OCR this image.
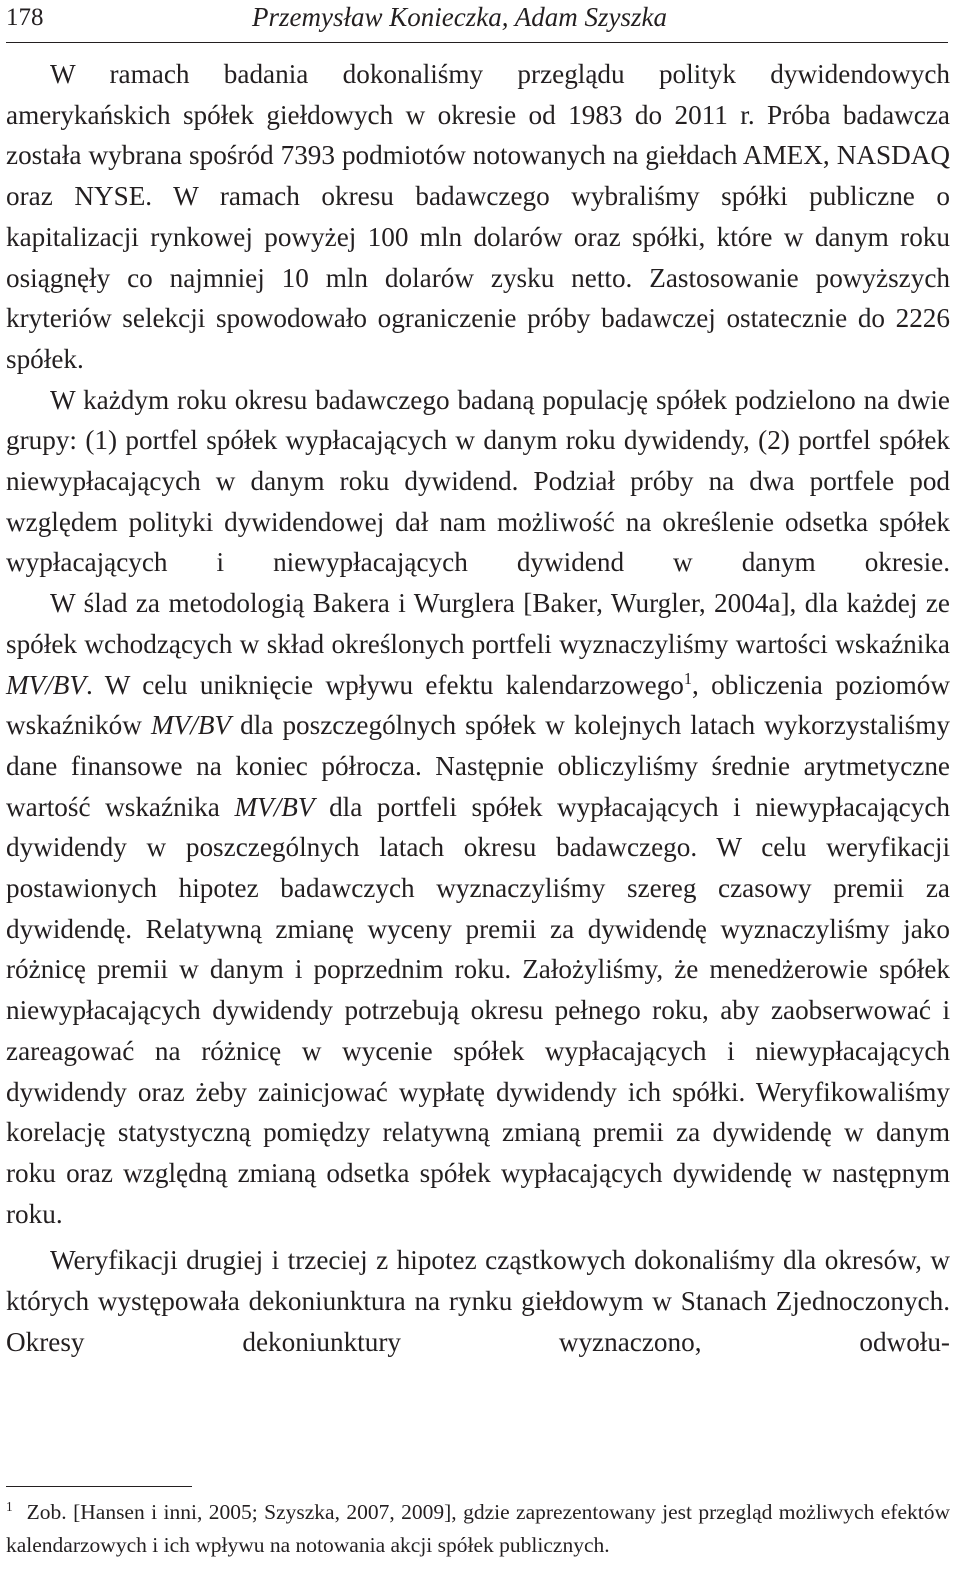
178	Przemysław Konieczka, Adam Szyszka

W ramach badania dokonaliśmy przeglądu polityk dywidendowych amerykańskich spółek giełdowych w okresie od 1983 do 2011 r. Próba badawcza została wybrana spośród 7393 podmiotów notowanych na giełdach AMEX, NASDAQ oraz NYSE. W ramach okresu badawczego wybraliśmy spółki publiczne o kapitalizacji rynkowej powyżej 100 mln dolarów oraz spółki, które w danym roku osiągnęły co najmniej 10 mln dolarów zysku netto. Zastosowanie powyższych kryteriów selekcji spowodowało ograniczenie próby badawczej ostatecznie do 2226 spółek.

W każdym roku okresu badawczego badaną populację spółek podzielono na dwie grupy: (1) portfel spółek wypłacających w danym roku dywidendy, (2) portfel spółek niewypłacających w danym roku dywidend. Podział próby na dwa portfele pod względem polityki dywidendowej dał nam możliwość na określenie odsetka spółek wypłacających i niewypłacających dywidend w danym okresie.

W ślad za metodologią Bakera i Wurglera [Baker, Wurgler, 2004a], dla każdej ze spółek wchodzących w skład określonych portfeli wyznaczyliśmy wartości wskaźnika MV/BV. W celu uniknięcie wpływu efektu kalendarzowego$^1$, obliczenia poziomów wskaźników MV/BV dla poszczególnych spółek w kolejnych latach wykorzystaliśmy dane finansowe na koniec półrocza. Następnie obliczyliśmy średnie arytmetyczne wartość wskaźnika MV/BV dla portfeli spółek wypłacających i niewypłacających dywidendy w poszczególnych latach okresu badawczego. W celu weryfikacji postawionych hipotez badawczych wyznaczyliśmy szereg czasowy premii za dywidendę. Relatywną zmianę wyceny premii za dywidendę wyznaczyliśmy jako różnicę premii w danym i poprzednim roku. Założyliśmy, że menedżerowie spółek niewypłacających dywidendy potrzebują okresu pełnego roku, aby zaobserwować i zareagować na różnicę w wycenie spółek wypłacających i niewypłacających dywidendy oraz żeby zainicjować wypłatę dywidendy ich spółki. Weryfikowaliśmy korelację statystyczną pomiędzy relatywną zmianą premii za dywidendę w danym roku oraz względną zmianą odsetka spółek wypłacających dywidendę w następnym roku.

Weryfikacji drugiej i trzeciej z hipotez cząstkowych dokonaliśmy dla okresów, w których występowała dekoniunktura na rynku giełdowym w Stanach Zjednoczonych. Okresy dekoniunktury wyznaczono, odwołu-

$^1$ Zob. [Hansen i inni, 2005; Szyszka, 2007, 2009], gdzie zaprezentowany jest przegląd możliwych efektów kalendarzowych i ich wpływu na notowania akcji spółek publicznych.
